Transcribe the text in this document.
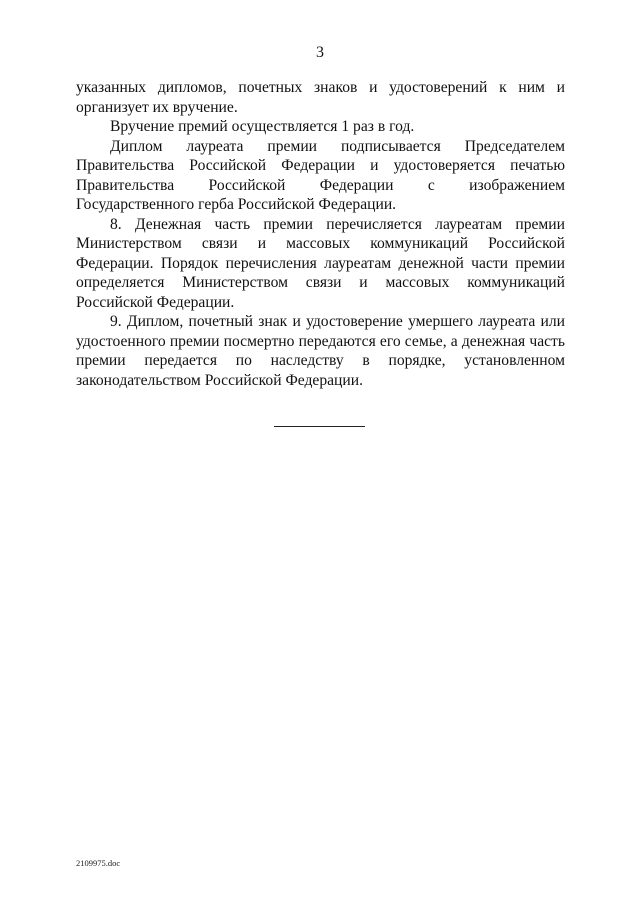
3

указанных дипломов, почетных знаков и удостоверений к ним и организует их вручение.

Вручение премий осуществляется 1 раз в год.

Диплом лауреата премии подписывается Председателем Правительства Российской Федерации и удостоверяется печатью Правительства Российской Федерации с изображением Государственного герба Российской Федерации.

8. Денежная часть премии перечисляется лауреатам премии Министерством связи и массовых коммуникаций Российской Федерации. Порядок перечисления лауреатам денежной части премии определяется Министерством связи и массовых коммуникаций Российской Федерации.

9. Диплом, почетный знак и удостоверение умершего лауреата или удостоенного премии посмертно передаются его семье, а денежная часть премии передается по наследству в порядке, установленном законодательством Российской Федерации.

2109975.doc
